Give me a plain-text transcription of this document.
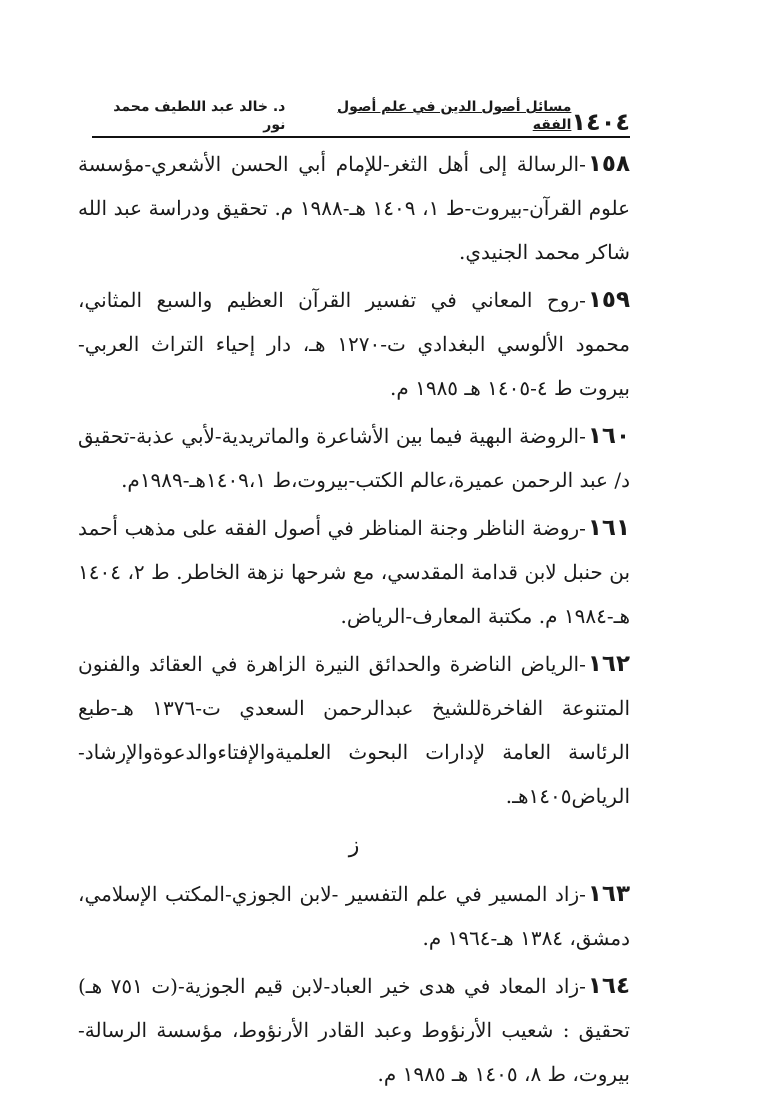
١٤٠٤
مسائل أصول الدين في علم أصول الفقه
د. خالد عبد اللطيف محمد نور

١٥٨-الرسالة إلى أهل الثغر-للإمام أبي الحسن الأشعري-مؤسسة علوم القرآن-بيروت-ط ١، ١٤٠٩ هـ-١٩٨٨ م. تحقيق ودراسة عبد الله شاكر محمد الجنيدي.

١٥٩-روح المعاني في تفسير القرآن العظيم والسبع المثاني، محمود الألوسي البغدادي ت-١٢٧٠ هـ، دار إحياء التراث العربي-بيروت ط ٤-١٤٠٥ هـ ١٩٨٥ م.

١٦٠-الروضة البهية فيما بين الأشاعرة والماتريدية-لأبي عذبة-تحقيق د/ عبد الرحمن عميرة،عالم الكتب-بيروت،ط ١٤٠٩،١هـ-١٩٨٩م.

١٦١-روضة الناظر وجنة المناظر في أصول الفقه على مذهب أحمد بن حنبل لابن قدامة المقدسي، مع شرحها نزهة الخاطر. ط ٢، ١٤٠٤ هـ-١٩٨٤ م. مكتبة المعارف-الرياض.

١٦٢-الرياض الناضرة والحدائق النيرة الزاهرة في العقائد والفنون المتنوعة الفاخرةللشيخ عبدالرحمن السعدي ت-١٣٧٦ هـ-طبع الرئاسة العامة لإدارات البحوث العلميةوالإفتاءوالدعوةوالإرشاد-الرياض١٤٠٥هـ.

ز

١٦٣-زاد المسير في علم التفسير -لابن الجوزي-المكتب الإسلامي، دمشق، ١٣٨٤ هـ-١٩٦٤ م.

١٦٤-زاد المعاد في هدى خير العباد-لابن قيم الجوزية-(ت ٧٥١ هـ) تحقيق : شعيب الأرنؤوط وعبد القادر الأرنؤوط، مؤسسة الرسالة-بيروت، ط ٨، ١٤٠٥ هـ ١٩٨٥ م.
